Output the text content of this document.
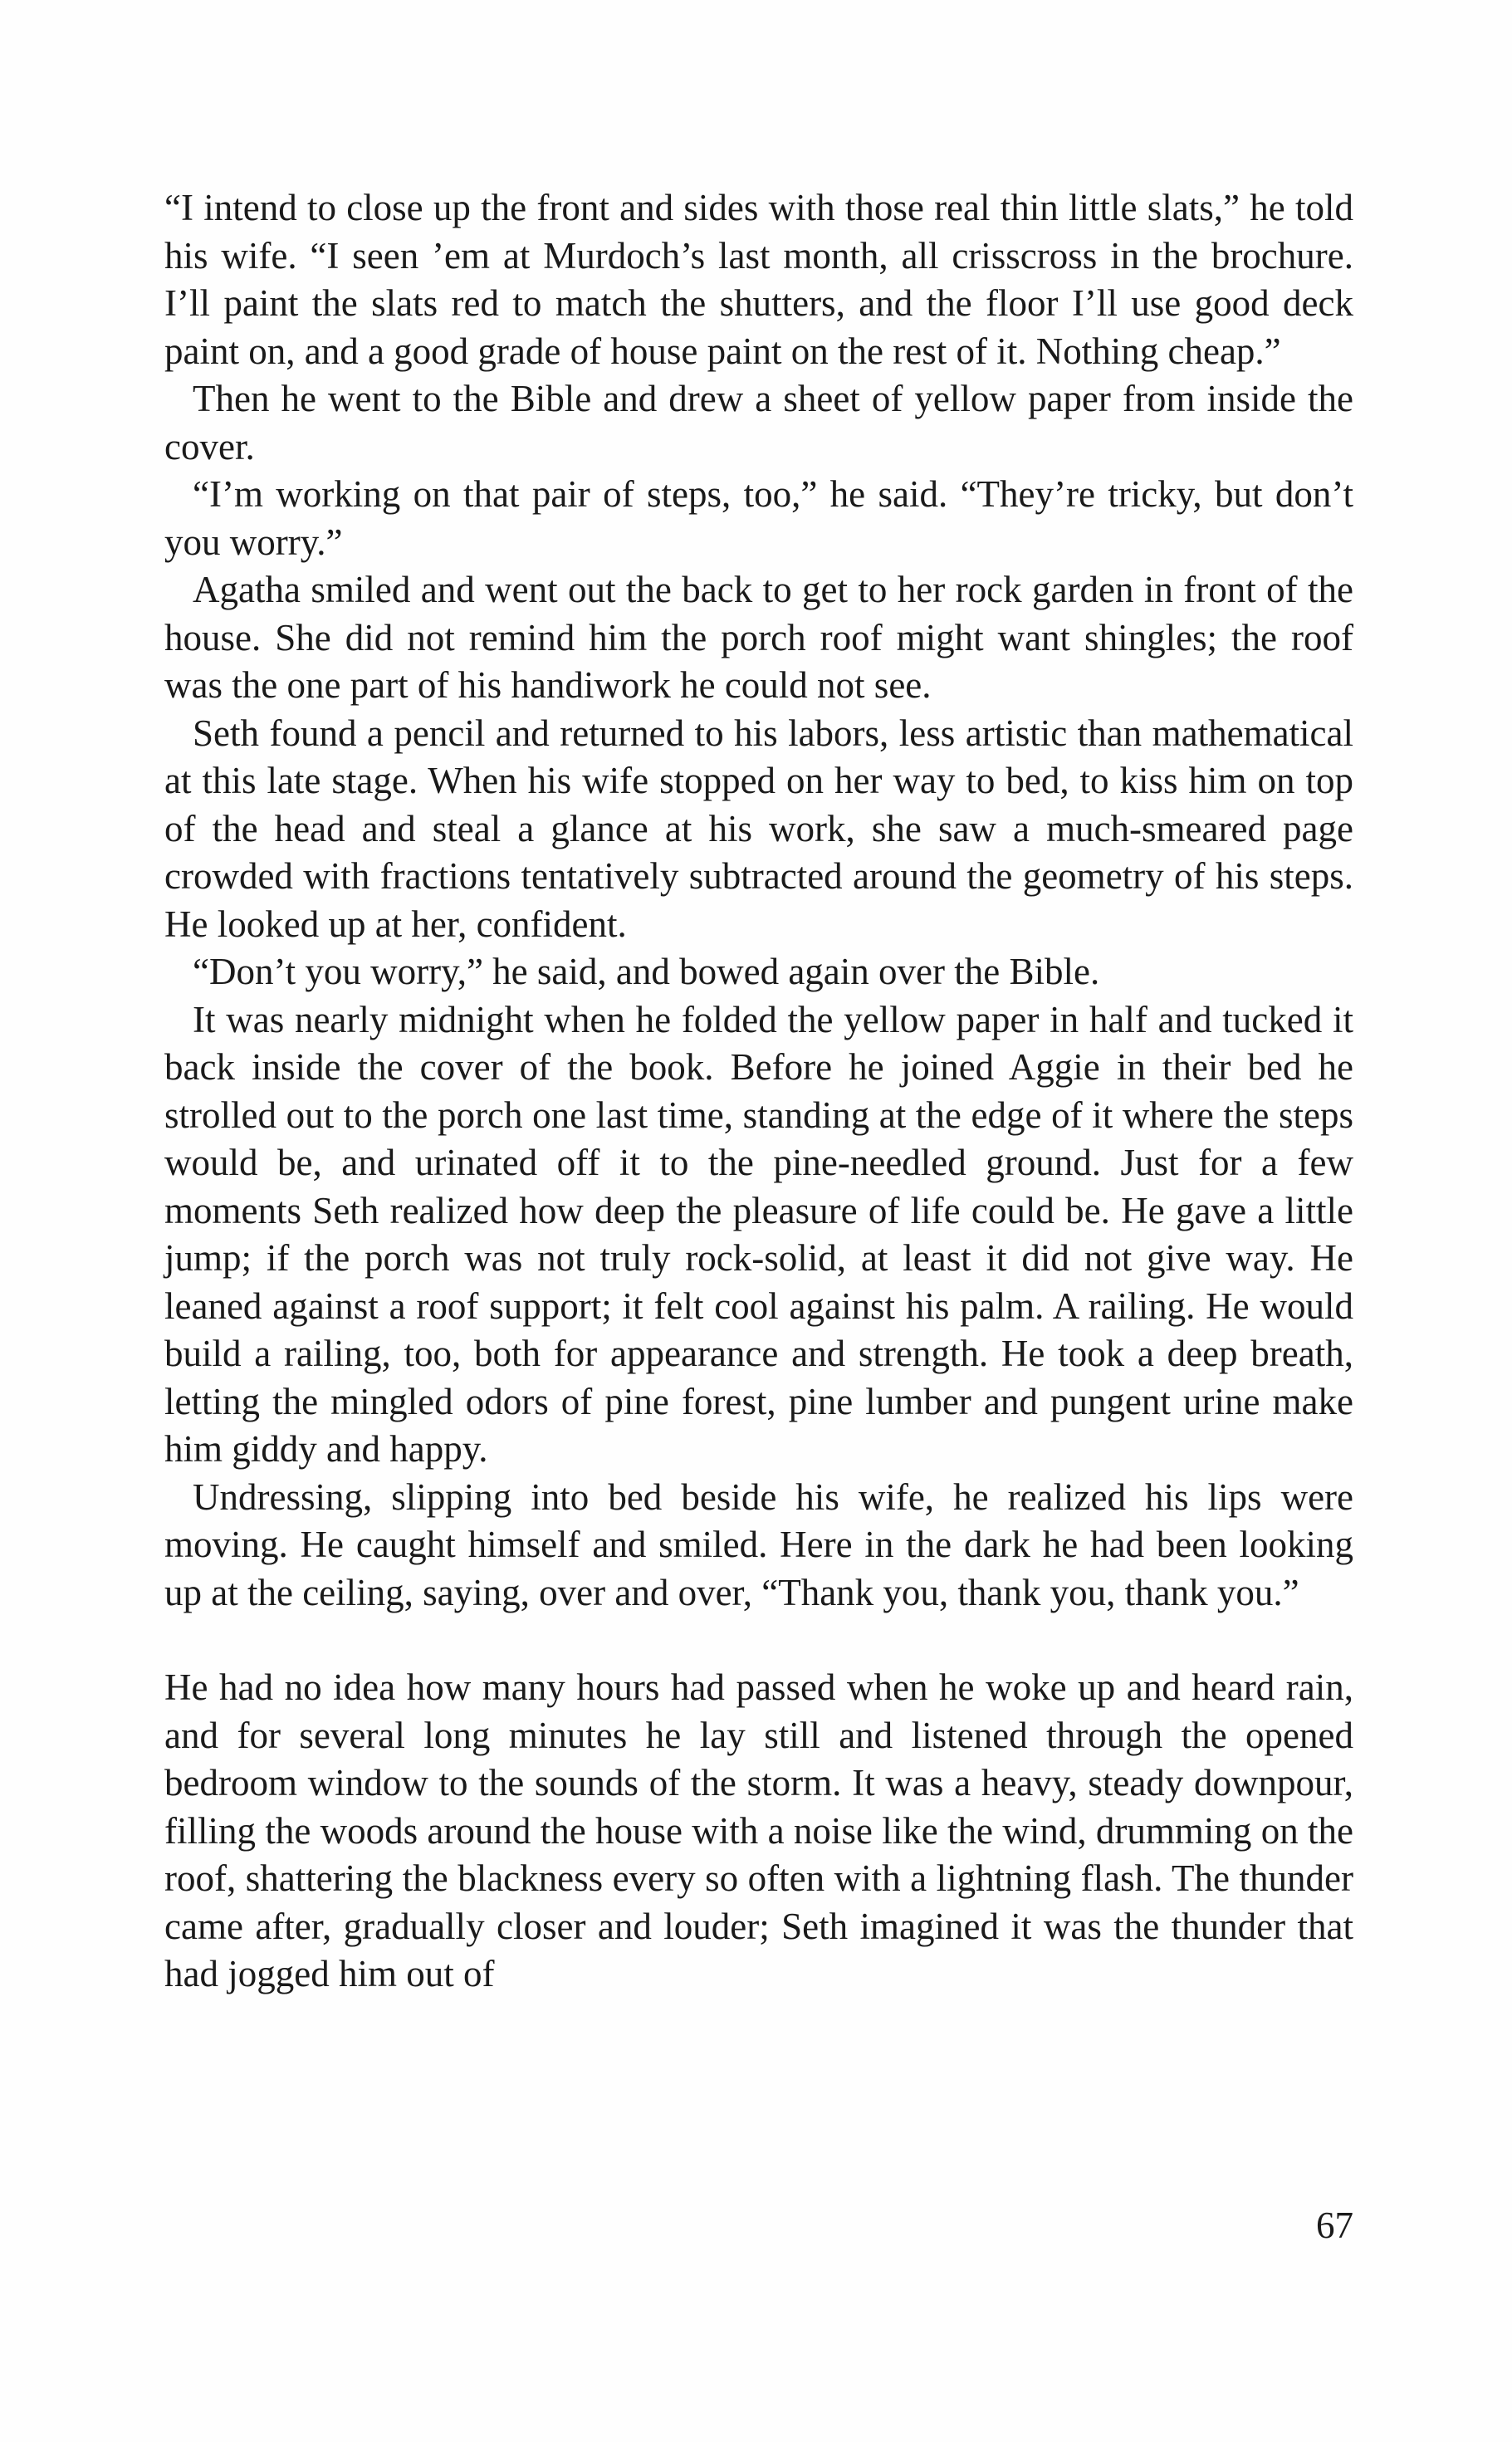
“I intend to close up the front and sides with those real thin little slats,” he told his wife. “I seen ’em at Murdoch’s last month, all crisscross in the brochure. I’ll paint the slats red to match the shutters, and the floor I’ll use good deck paint on, and a good grade of house paint on the rest of it. Nothing cheap.”

Then he went to the Bible and drew a sheet of yellow paper from inside the cover.

“I’m working on that pair of steps, too,” he said. “They’re tricky, but don’t you worry.”

Agatha smiled and went out the back to get to her rock garden in front of the house. She did not remind him the porch roof might want shingles; the roof was the one part of his handiwork he could not see.

Seth found a pencil and returned to his labors, less artistic than mathematical at this late stage. When his wife stopped on her way to bed, to kiss him on top of the head and steal a glance at his work, she saw a much-smeared page crowded with fractions tentatively subtracted around the geometry of his steps. He looked up at her, confident.

“Don’t you worry,” he said, and bowed again over the Bible.

It was nearly midnight when he folded the yellow paper in half and tucked it back inside the cover of the book. Before he joined Aggie in their bed he strolled out to the porch one last time, standing at the edge of it where the steps would be, and urinated off it to the pine-needled ground. Just for a few moments Seth realized how deep the pleasure of life could be. He gave a little jump; if the porch was not truly rock-solid, at least it did not give way. He leaned against a roof support; it felt cool against his palm. A railing. He would build a railing, too, both for appearance and strength. He took a deep breath, letting the mingled odors of pine forest, pine lumber and pungent urine make him giddy and happy.

Undressing, slipping into bed beside his wife, he realized his lips were moving. He caught himself and smiled. Here in the dark he had been looking up at the ceiling, saying, over and over, “Thank you, thank you, thank you.”

He had no idea how many hours had passed when he woke up and heard rain, and for several long minutes he lay still and listened through the opened bedroom window to the sounds of the storm. It was a heavy, steady downpour, filling the woods around the house with a noise like the wind, drumming on the roof, shattering the blackness every so often with a lightning flash. The thunder came after, gradually closer and louder; Seth imagined it was the thunder that had jogged him out of

67
